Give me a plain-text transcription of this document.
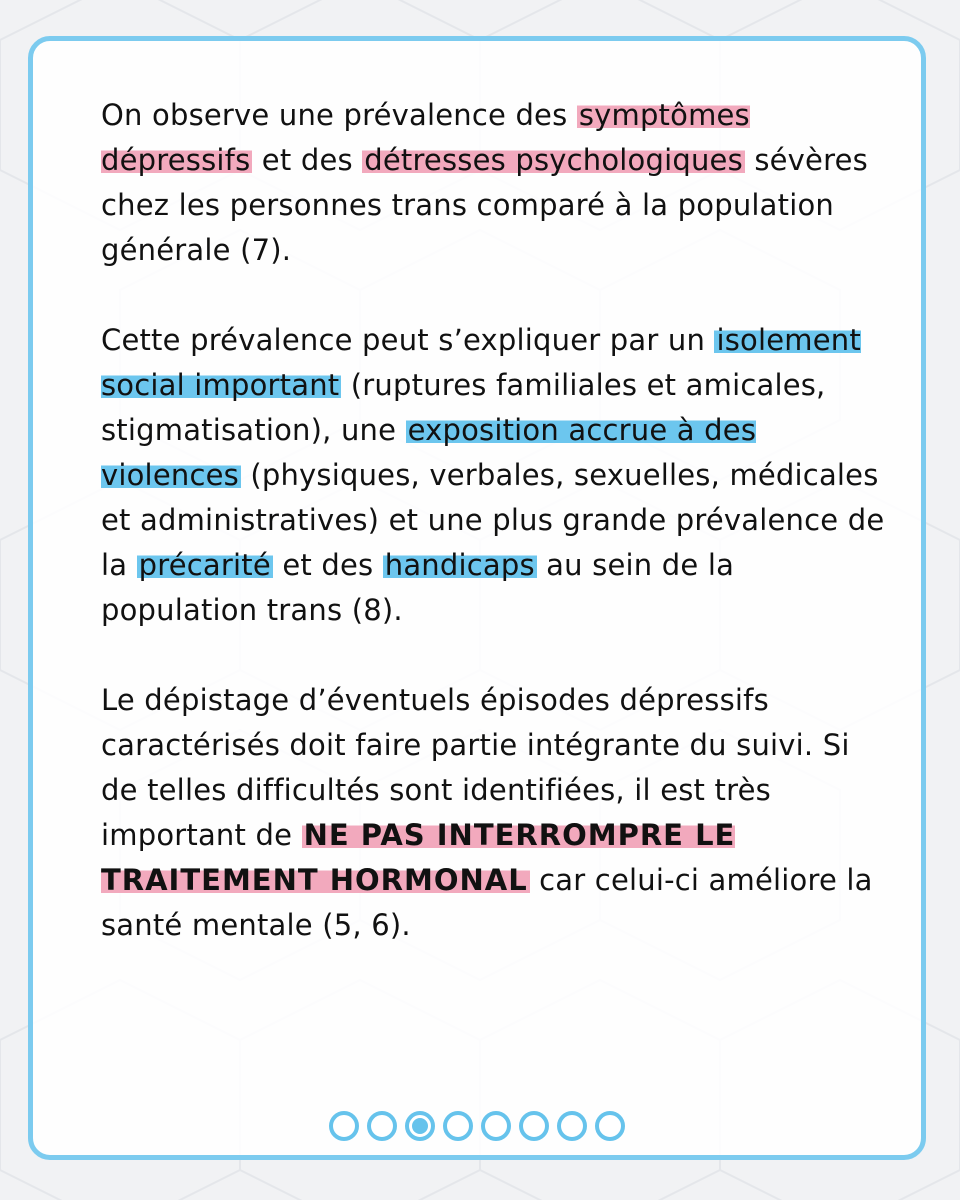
On observe une prévalence des symptômes dépressifs et des détresses psychologiques sévères chez les personnes trans comparé à la population générale (7).

Cette prévalence peut s’expliquer par un isolement social important (ruptures familiales et amicales, stigmatisation), une exposition accrue à des violences (physiques, verbales, sexuelles, médicales et administratives) et une plus grande prévalence de la précarité et des handicaps au sein de la population trans (8).

Le dépistage d’éventuels épisodes dépressifs caractérisés doit faire partie intégrante du suivi. Si de telles difficultés sont identifiées, il est très important de NE PAS INTERROMPRE LE TRAITEMENT HORMONAL car celui-ci améliore la santé mentale (5, 6).
